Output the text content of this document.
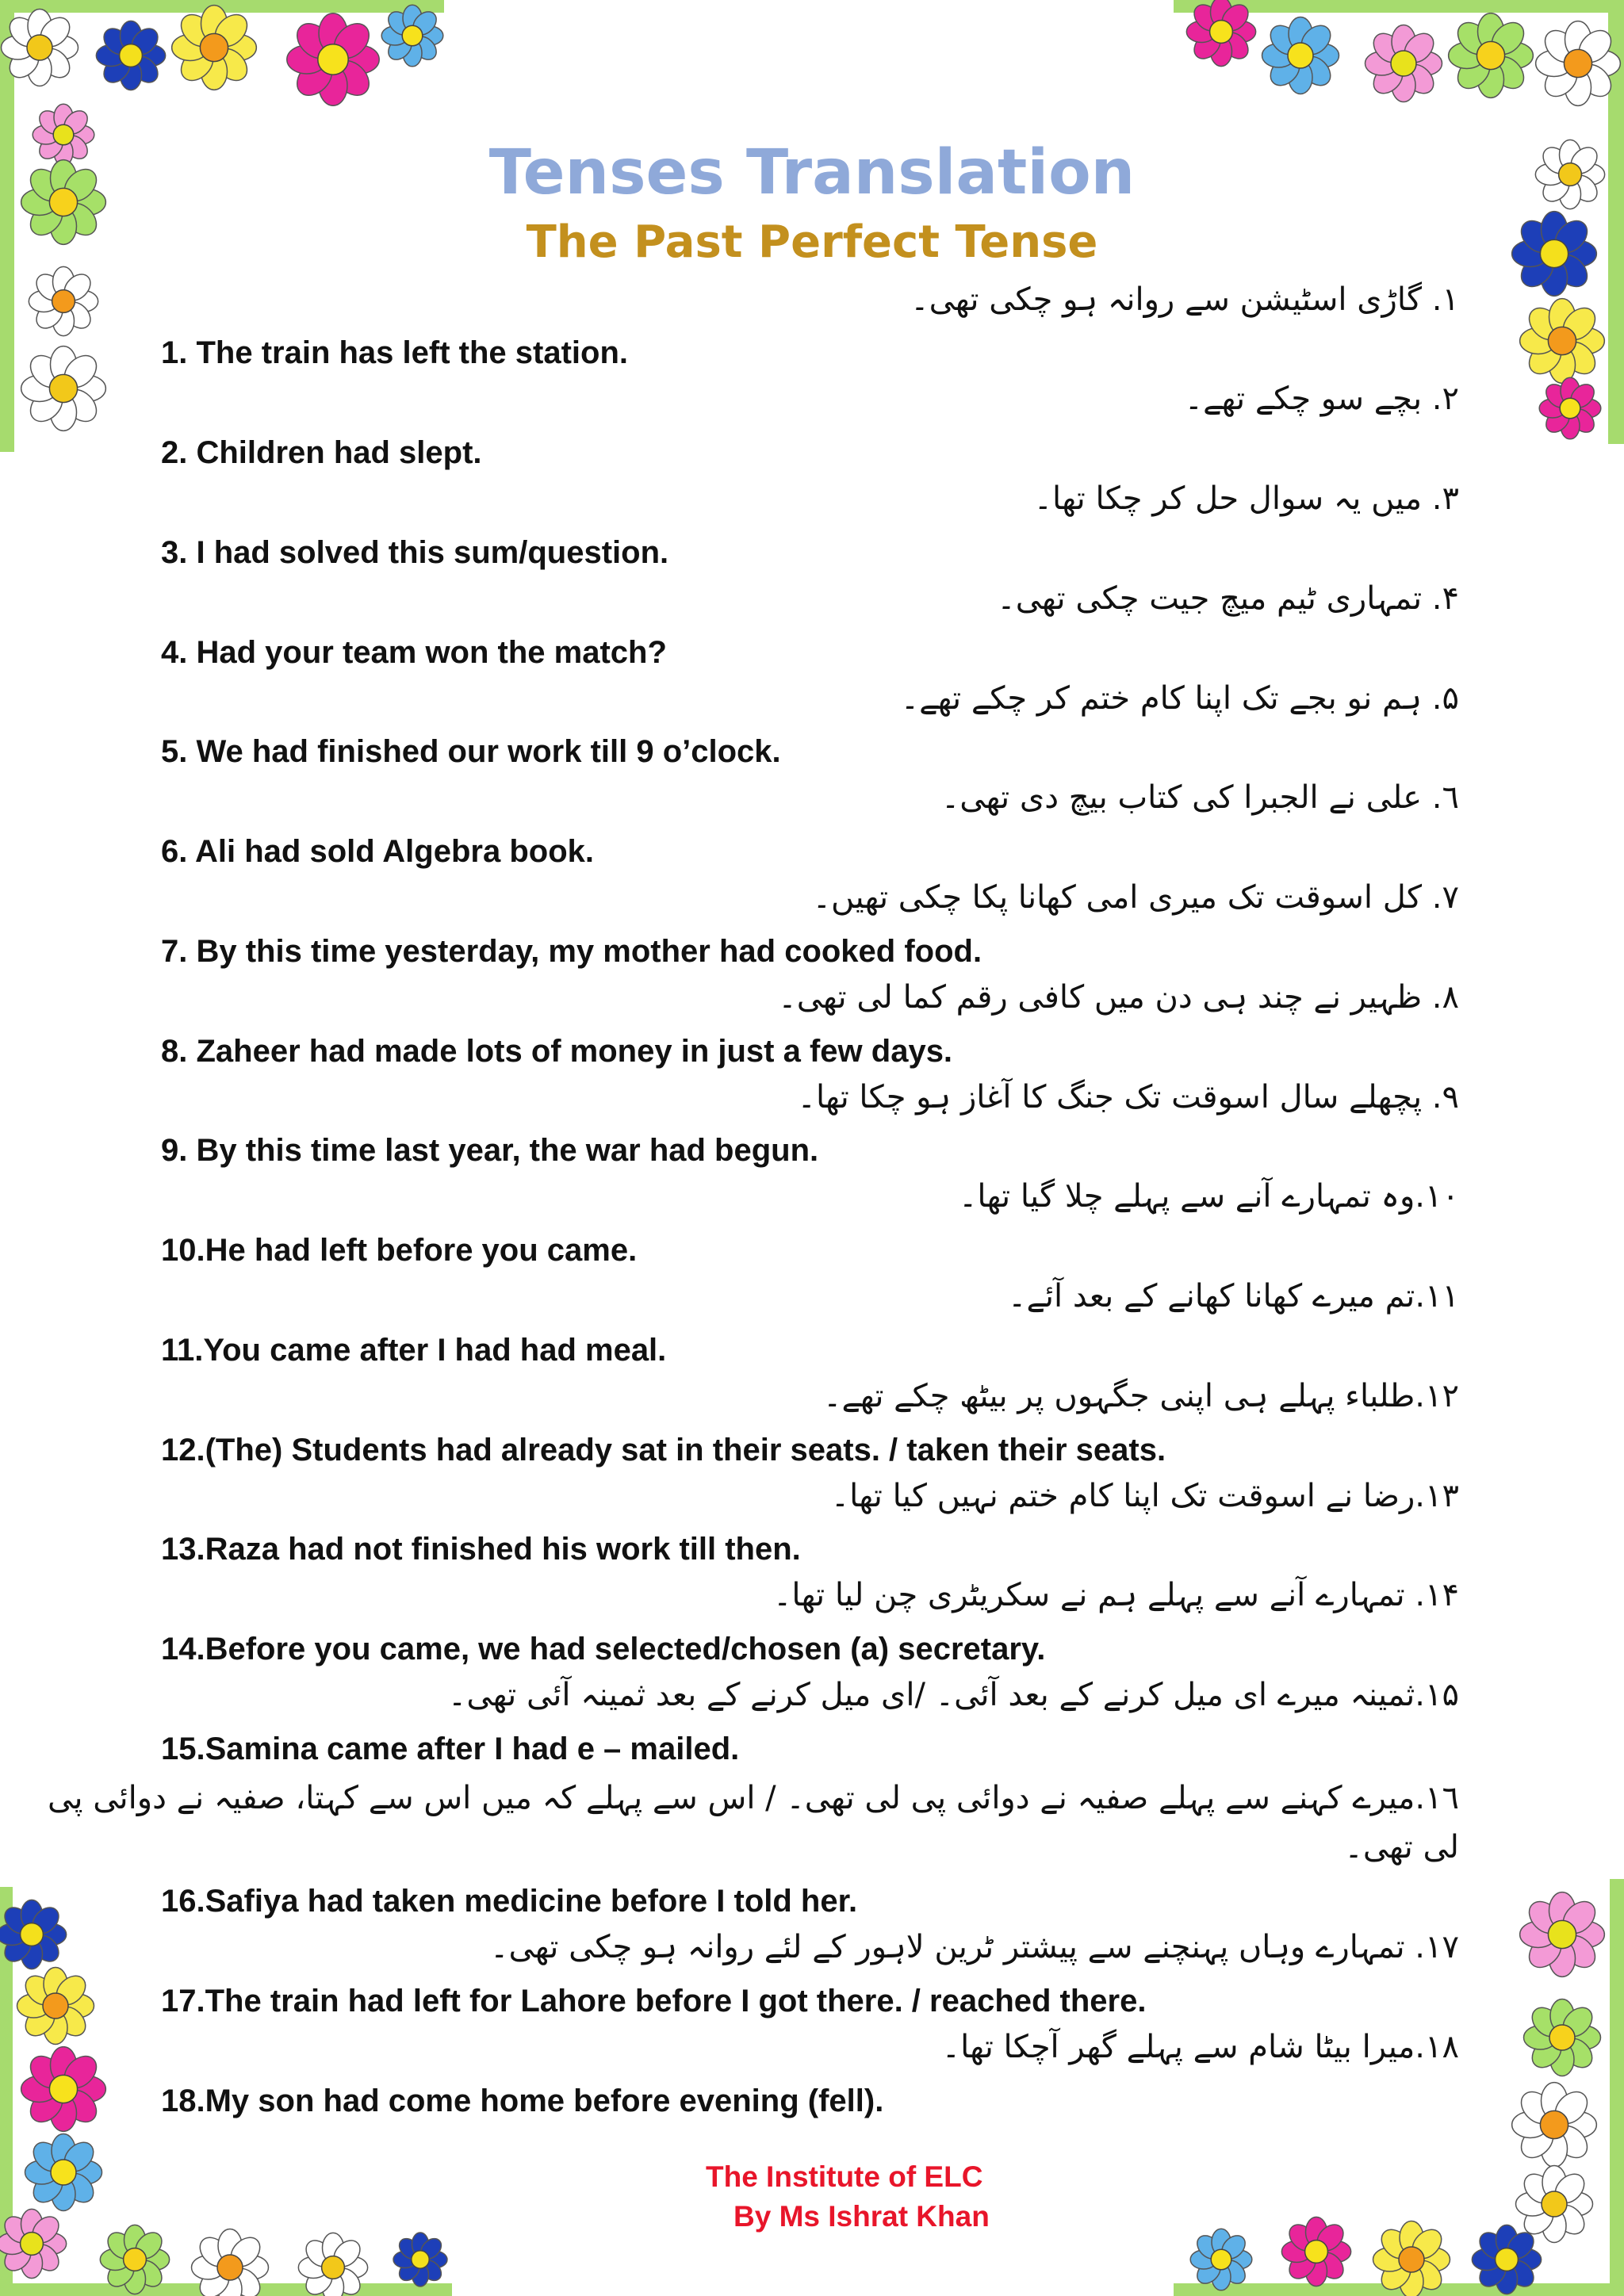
Tenses Translation
The Past Perfect Tense
١. گاڑی اسٹیشن سے روانہ ہو چکی تھی۔
1. The train has left the station.
٢. بچے سو چکے تھے۔
2. Children had slept.
٣. میں یہ سوال حل کر چکا تھا۔
3. I had solved this sum/question.
۴. تمہاری ٹیم میچ جیت چکی تھی۔
4. Had your team won the match?
۵. ہم نو بجے تک اپنا کام ختم کر چکے تھے۔
5. We had finished our work till 9 o’clock.
٦. علی نے الجبرا کی کتاب بیچ دی تھی۔
6. Ali had sold Algebra book.
۷. کل اسوقت تک میری امی کھانا پکا چکی تھیں۔
7. By this time yesterday, my mother had cooked food.
٨. ظہیر نے چند ہی دن میں کافی رقم کما لی تھی۔
8. Zaheer had made lots of money in just a few days.
٩. پچھلے سال اسوقت تک جنگ کا آغاز ہو چکا تھا۔
9. By this time last year, the war had begun.
١٠.وہ تمہارے آنے سے پہلے چلا گیا تھا۔
10.He had left before you came.
١١.تم میرے کھانا کھانے کے بعد آئے۔
11.You came after I had had meal.
١٢.طلباء پہلے ہی اپنی جگہوں پر بیٹھ چکے تھے۔
12.(The) Students had already sat in their seats. / taken their seats.
١٣.رضا نے اسوقت تک اپنا کام ختم نہیں کیا تھا۔
13.Raza had not finished his work till then.
١۴. تمہارے آنے سے پہلے ہم نے سکریٹری چن لیا تھا۔
14.Before you came, we had selected/chosen (a) secretary.
١۵.ثمینہ میرے ای میل کرنے کے بعد آئی۔ /ای میل کرنے کے بعد ثمینہ آئی تھی۔
15.Samina came after I had e – mailed.
١٦.میرے کہنے سے پہلے صفیہ نے دوائی پی لی تھی۔ / اس سے پہلے کہ میں اس سے کہتا، صفیہ نے دوائی پی لی تھی۔
16.Safiya had taken medicine before I told her.
١۷. تمہارے وہاں پہنچنے سے پیشتر ٹرین لاہور کے لئے روانہ ہو چکی تھی۔
17.The train had left for Lahore before I got there. / reached there.
١٨.میرا بیٹا شام سے پہلے گھر آچکا تھا۔
18.My son had come home before evening (fell).
The Institute of ELC
By Ms Ishrat Khan
